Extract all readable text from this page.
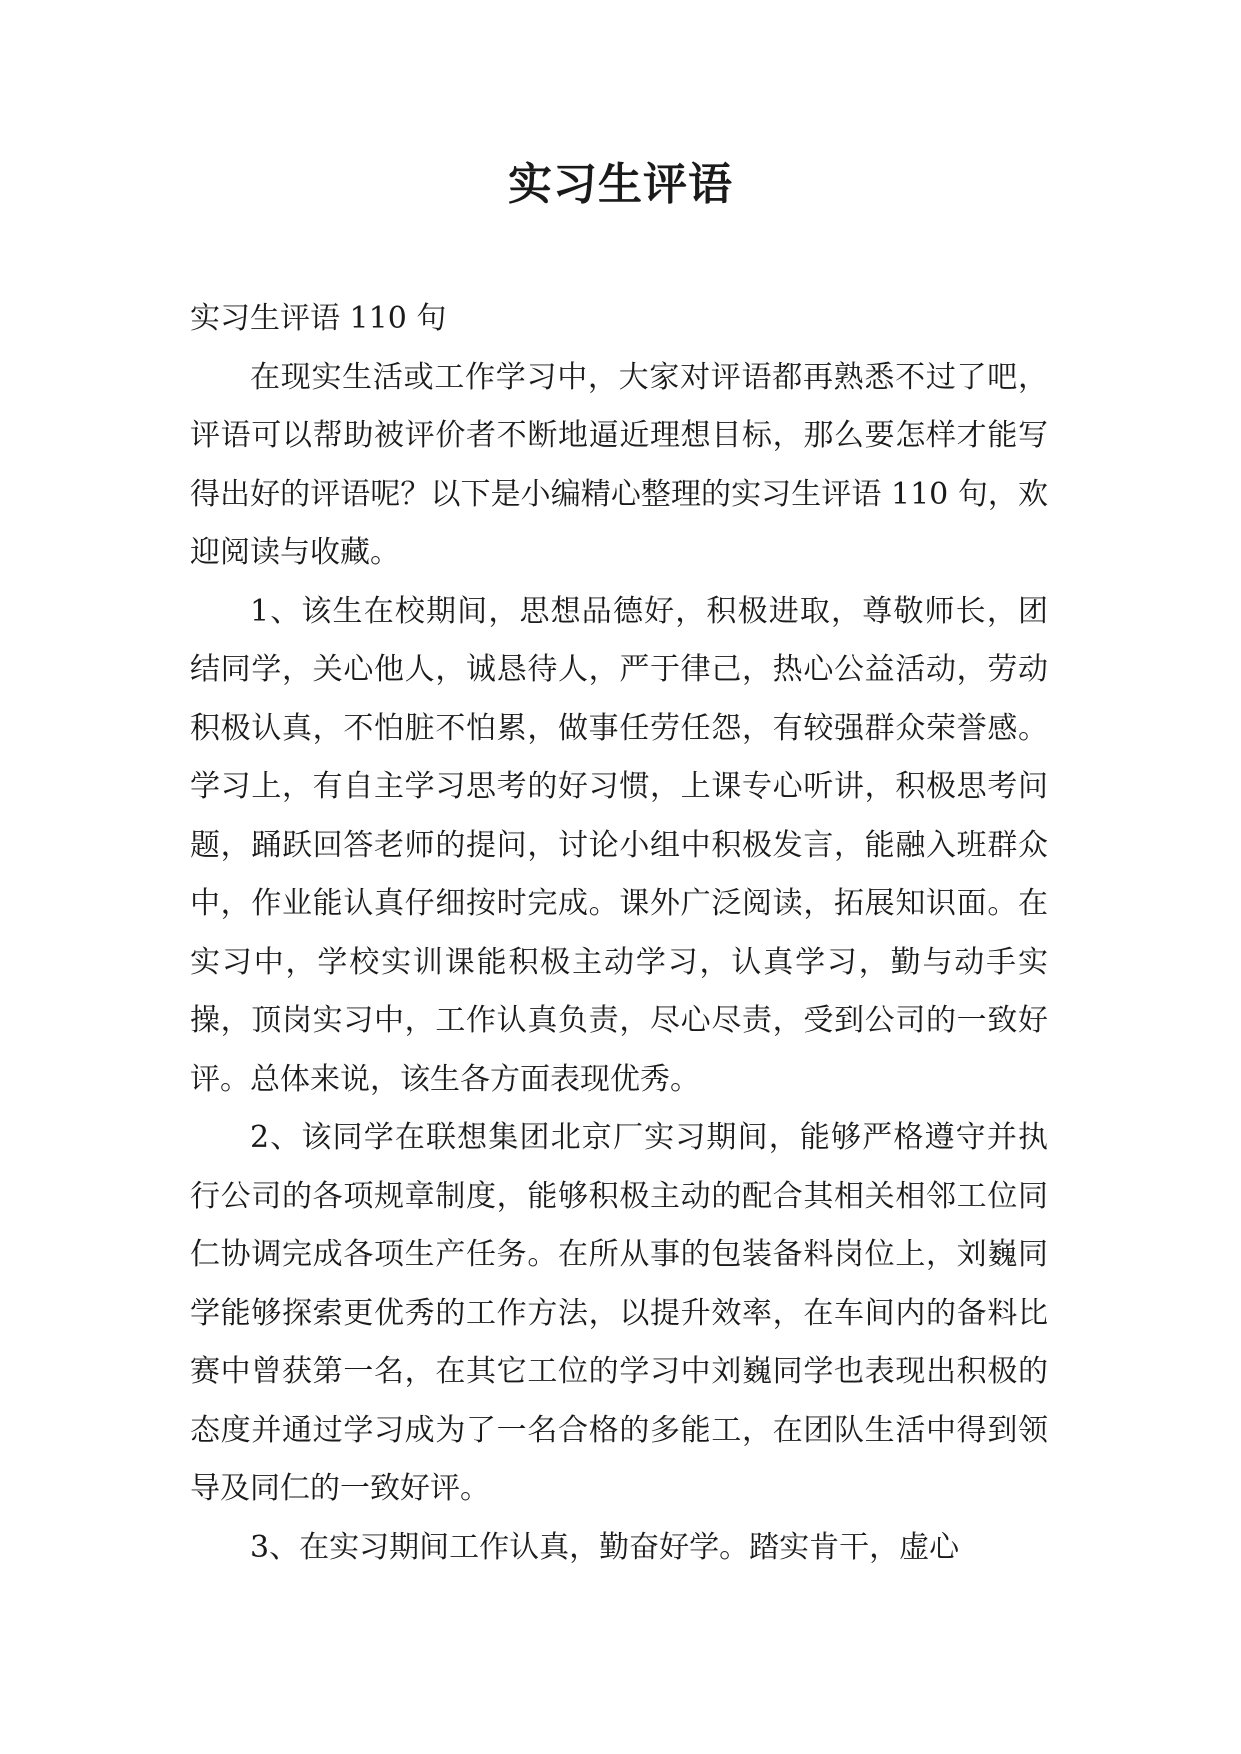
实习生评语

实习生评语 110 句

在现实生活或工作学习中，大家对评语都再熟悉不过了吧，评语可以帮助被评价者不断地逼近理想目标，那么要怎样才能写得出好的评语呢？以下是小编精心整理的实习生评语 110 句，欢迎阅读与收藏。

1、该生在校期间，思想品德好，积极进取，尊敬师长，团结同学，关心他人，诚恳待人，严于律己，热心公益活动，劳动积极认真，不怕脏不怕累，做事任劳任怨，有较强群众荣誉感。学习上，有自主学习思考的好习惯，上课专心听讲，积极思考问题，踊跃回答老师的提问，讨论小组中积极发言，能融入班群众中，作业能认真仔细按时完成。课外广泛阅读，拓展知识面。在实习中，学校实训课能积极主动学习，认真学习，勤与动手实操，顶岗实习中，工作认真负责，尽心尽责，受到公司的一致好评。总体来说，该生各方面表现优秀。

2、该同学在联想集团北京厂实习期间，能够严格遵守并执行公司的各项规章制度，能够积极主动的配合其相关相邻工位同仁协调完成各项生产任务。在所从事的包装备料岗位上，刘巍同学能够探索更优秀的工作方法，以提升效率，在车间内的备料比赛中曾获第一名，在其它工位的学习中刘巍同学也表现出积极的态度并通过学习成为了一名合格的多能工，在团队生活中得到领导及同仁的一致好评。

3、在实习期间工作认真，勤奋好学。踏实肯干，虚心
